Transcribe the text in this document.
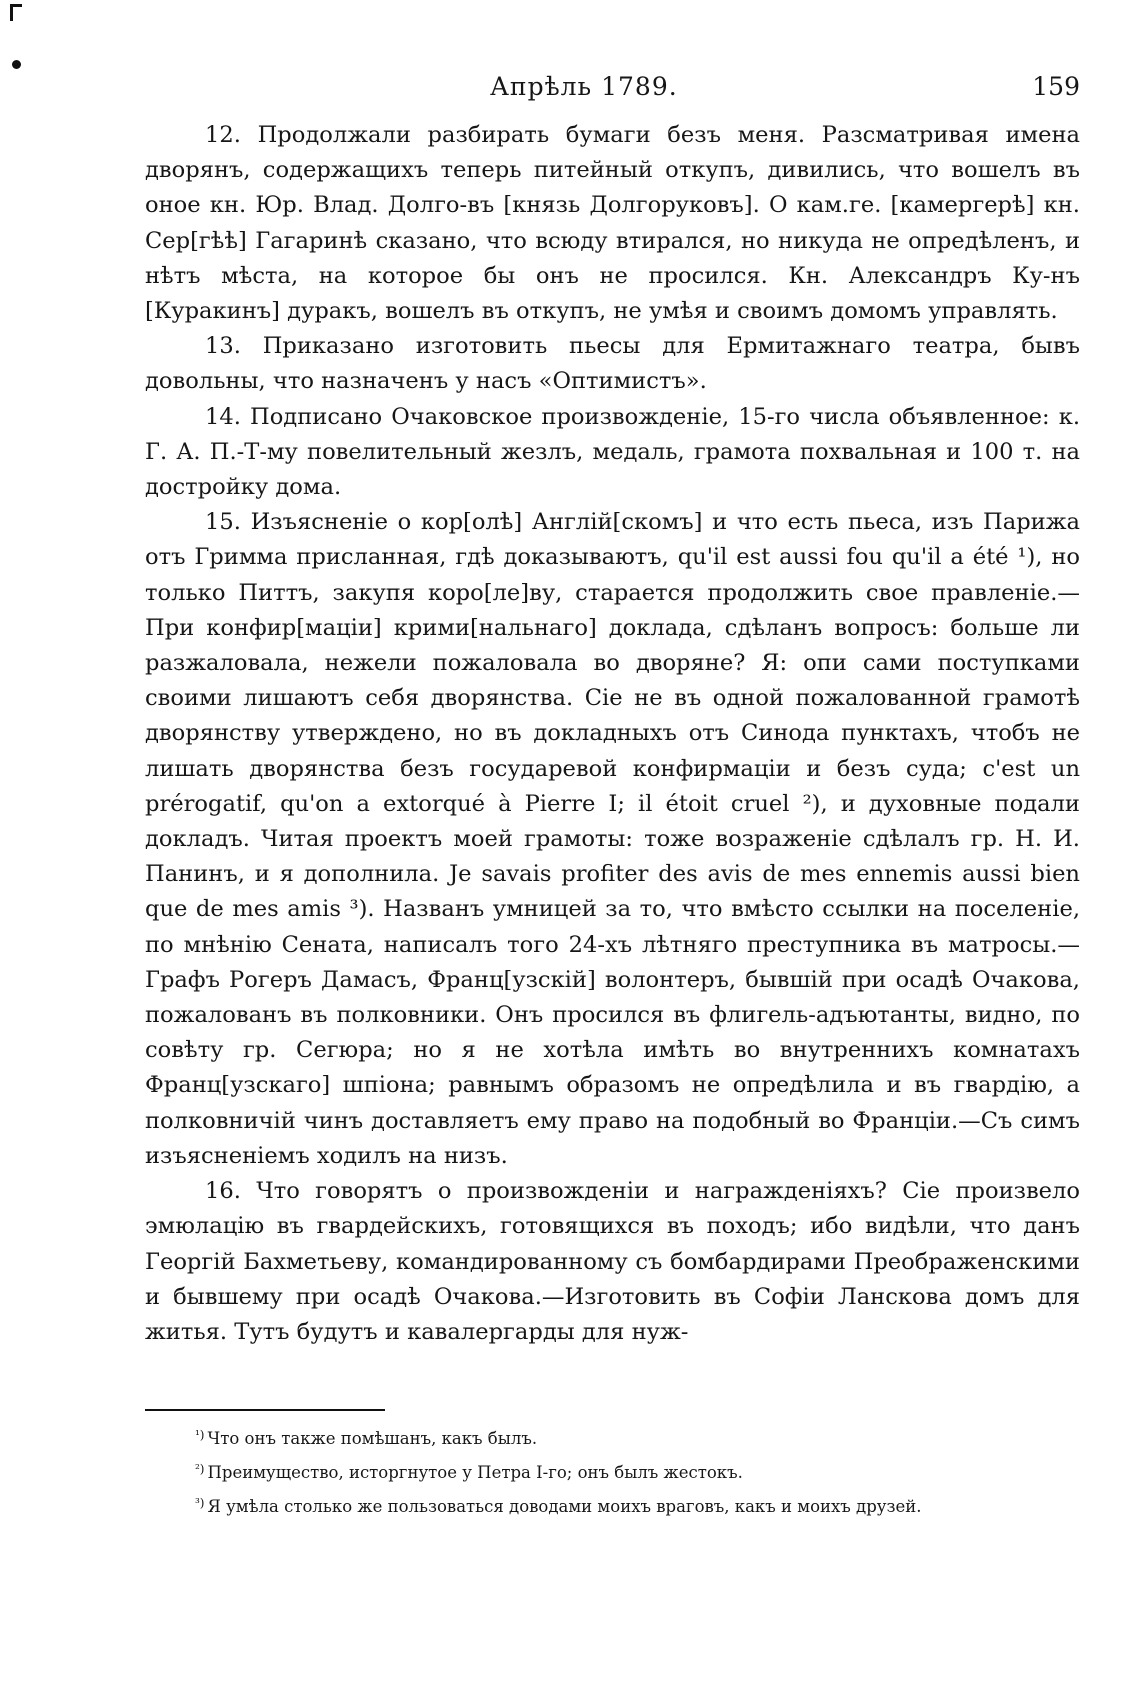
Апрѣль 1789.	159

12. Продолжали разбирать бумаги безъ меня. Разсматривая имена дворянъ, содержащихъ теперь питейный откупъ, дивились, что вошелъ въ оное кн. Юр. Влад. Долго-въ [князь Долгоруковъ]. О кам.ге. [камергерѣ] кн. Сер[гѣѣ] Гагаринѣ сказано, что всюду втирался, но никуда не опредѣленъ, и нѣтъ мѣста, на которое бы онъ не просился. Кн. Александръ Ку-нъ [Куракинъ] дуракъ, вошелъ въ откупъ, не умѣя и своимъ домомъ управлять.

13. Приказано изготовить пьесы для Ермитажнаго театра, бывъ довольны, что назначенъ у насъ «Оптимистъ».

14. Подписано Очаковское произвожденіе, 15-го числа объявленное: к. Г. А. П.-Т-му повелительный жезлъ, медаль, грамота похвальная и 100 т. на достройку дома.

15. Изъясненіе о кор[олѣ] Англій[скомъ] и что есть пьеса, изъ Парижа отъ Гримма присланная, гдѣ доказываютъ, qu'il est aussi fou qu'il a été ¹), но только Питтъ, закупя коро[ле]ву, старается продолжить свое правленіе.—При конфир[маціи] крими[нальнаго] доклада, сдѣланъ вопросъ: больше ли разжаловала, нежели пожаловала во дворяне? Я: опи сами поступками своими лишаютъ себя дворянства. Сіе не въ одной пожалованной грамотѣ дворянству утверждено, но въ докладныхъ отъ Синода пунктахъ, чтобъ не лишать дворянства безъ государевой конфирмаціи и безъ суда; c'est un prérogatif, qu'on a extorqué à Pierre I; il étoit cruel ²), и духовные подали докладъ. Читая проектъ моей грамоты: тоже возраженіе сдѣлалъ гр. Н. И. Панинъ, и я дополнила. Je savais profiter des avis de mes ennemis aussi bien que de mes amis ³). Названъ умницей за то, что вмѣсто ссылки на поселеніе, по мнѣнію Сената, написалъ того 24-хъ лѣтняго преступника въ матросы.—Графъ Рогеръ Дамасъ, Франц[узскій] волонтеръ, бывшій при осадѣ Очакова, пожалованъ въ полковники. Онъ просился въ флигель-адъютанты, видно, по совѣту гр. Сегюра; но я не хотѣла имѣть во внутреннихъ комнатахъ Франц[узскаго] шпіона; равнымъ образомъ не опредѣлила и въ гвардію, а полковничій чинъ доставляетъ ему право на подобный во Франціи.—Съ симъ изъясненіемъ ходилъ на низъ.

16. Что говорятъ о произвожденіи и награжденіяхъ? Сіе произвело эмюлацію въ гвардейскихъ, готовящихся въ походъ; ибо видѣли, что данъ Георгій Бахметьеву, командированному съ бомбардирами Преображенскими и бывшему при осадѣ Очакова.—Изготовить въ Софіи Ланскова домъ для житья. Тутъ будутъ и кавалергарды для нуж-

$^{^1)}$ Что онъ также помѣшанъ, какъ былъ.
$^{^2)}$ Преимущество, исторгнутое у Петра I-го; онъ былъ жестокъ.
$^{^3)}$ Я умѣла столько же пользоваться доводами моихъ враговъ, какъ и моихъ друзей.
